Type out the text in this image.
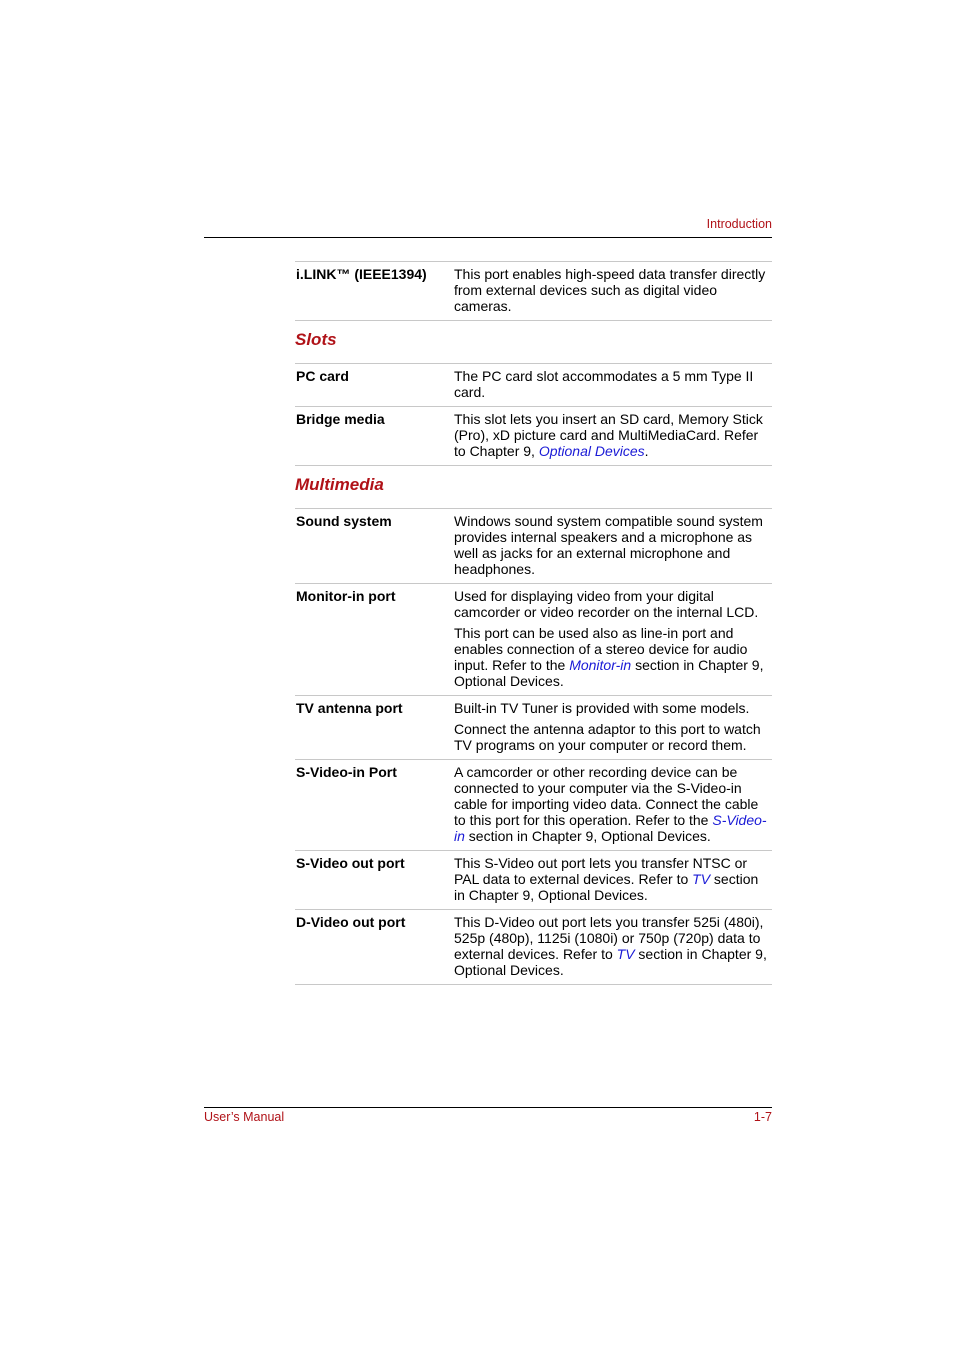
Introduction
i.LINK™ (IEEE1394)	This port enables high-speed data transfer directly from external devices such as digital video cameras.

Slots
PC card	The PC card slot accommodates a 5 mm Type II card.

Bridge media	This slot lets you insert an SD card, Memory Stick (Pro), xD picture card and MultiMediaCard. Refer to Chapter 9, Optional Devices.

Multimedia
Sound system	Windows sound system compatible sound system provides internal speakers and a microphone as well as jacks for an external microphone and headphones.

Monitor-in port	Used for displaying video from your digital camcorder or video recorder on the internal LCD.

This port can be used also as line-in port and enables connection of a stereo device for audio input. Refer to the Monitor-in section in Chapter 9, Optional Devices.

TV antenna port	Built-in TV Tuner is provided with some models.

Connect the antenna adaptor to this port to watch TV programs on your computer or record them.

S-Video-in Port	A camcorder or other recording device can be connected to your computer via the S-Video-in cable for importing video data. Connect the cable to this port for this operation. Refer to the S-Video-in section in Chapter 9, Optional Devices.

S-Video out port	This S-Video out port lets you transfer NTSC or PAL data to external devices. Refer to TV section in Chapter 9, Optional Devices.

D-Video out port	This D-Video out port lets you transfer 525i (480i), 525p (480p), 1125i (1080i) or 750p (720p) data to external devices. Refer to TV section in Chapter 9, Optional Devices.

User’s Manual	1-7
